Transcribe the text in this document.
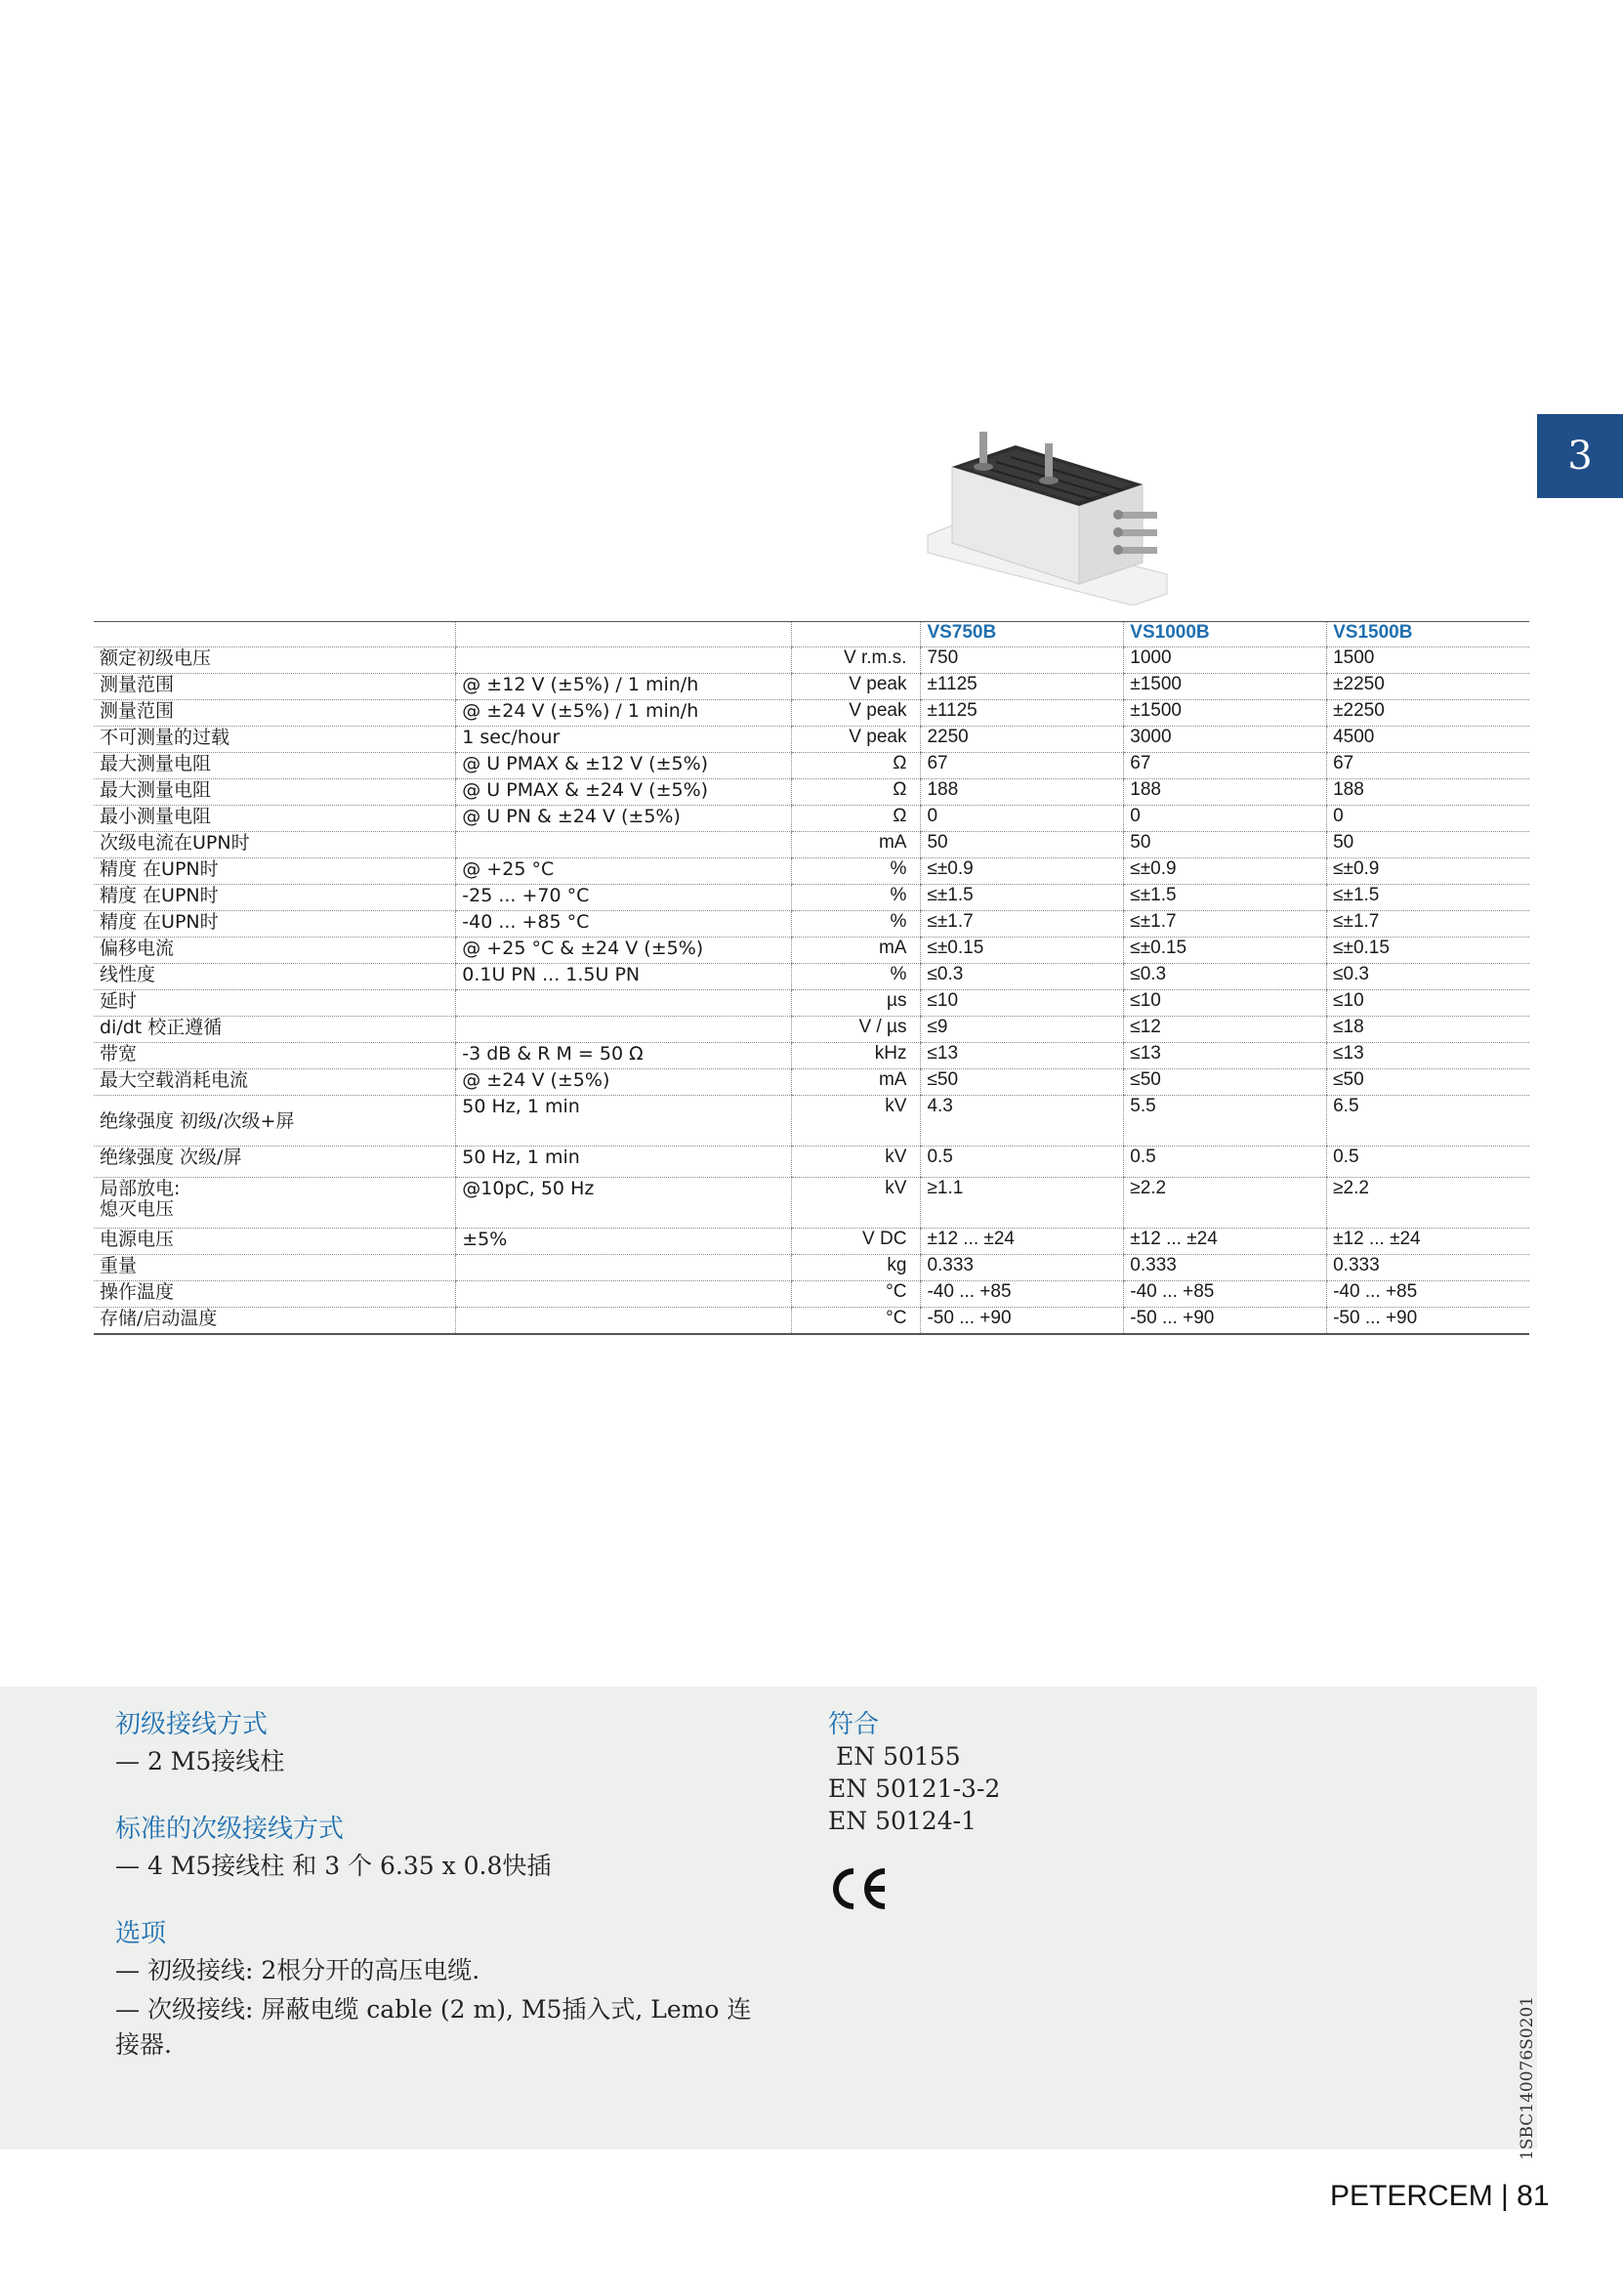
3
			VS750B	VS1000B	VS1500B
额定初级电压		V r.m.s.	750	1000	1500
测量范围	@ ±12 V (±5%) / 1 min/h	V peak	±1125	±1500	±2250
测量范围	@ ±24 V (±5%) / 1 min/h	V peak	±1125	±1500	±2250
不可测量的过载	1 sec/hour	V peak	2250	3000	4500
最大测量电阻	@ U PMAX & ±12 V (±5%)	Ω	67	67	67
最大测量电阻	@ U PMAX & ±24 V (±5%)	Ω	188	188	188
最小测量电阻	@ U PN & ±24 V (±5%)	Ω	0	0	0
次级电流在UPN时		mA	50	50	50
精度 在UPN时	@ +25 °C	%	≤±0.9	≤±0.9	≤±0.9
精度 在UPN时	-25 ... +70 °C	%	≤±1.5	≤±1.5	≤±1.5
精度 在UPN时	-40 ... +85 °C	%	≤±1.7	≤±1.7	≤±1.7
偏移电流	@ +25 °C & ±24 V (±5%)	mA	≤±0.15	≤±0.15	≤±0.15
线性度	0.1U PN ... 1.5U PN	%	≤0.3	≤0.3	≤0.3
延时		µs	≤10	≤10	≤10
di/dt 校正遵循		V / µs	≤9	≤12	≤18
带宽	-3 dB & R M = 50 Ω	kHz	≤13	≤13	≤13
最大空载消耗电流	@ ±24 V (±5%)	mA	≤50	≤50	≤50
绝缘强度 初级/次级+屏	50 Hz, 1 min	kV	4.3	5.5	6.5
绝缘强度 次级/屏	50 Hz, 1 min	kV	0.5	0.5	0.5
局部放电:
熄灭电压	@10pC, 50 Hz	kV	≥1.1	≥2.2	≥2.2
电源电压	±5%	V DC	±12 ... ±24	±12 ... ±24	±12 ... ±24
重量		kg	0.333	0.333	0.333
操作温度		°C	-40 ... +85	-40 ... +85	-40 ... +85
存储/启动温度		°C	-50 ... +90	-50 ... +90	-50 ... +90
初级接线方式
— 2 M5接线柱
标准的次级接线方式
— 4 M5接线柱 和 3 个 6.35 x 0.8快插
选项
— 初级接线: 2根分开的高压电缆.
— 次级接线: 屏蔽电缆 cable (2 m), M5插入式, Lemo 连
接器.
符合
EN 50155
EN 50121-3-2
EN 50124-1
1SBC140076S0201
PETERCEM | 81
